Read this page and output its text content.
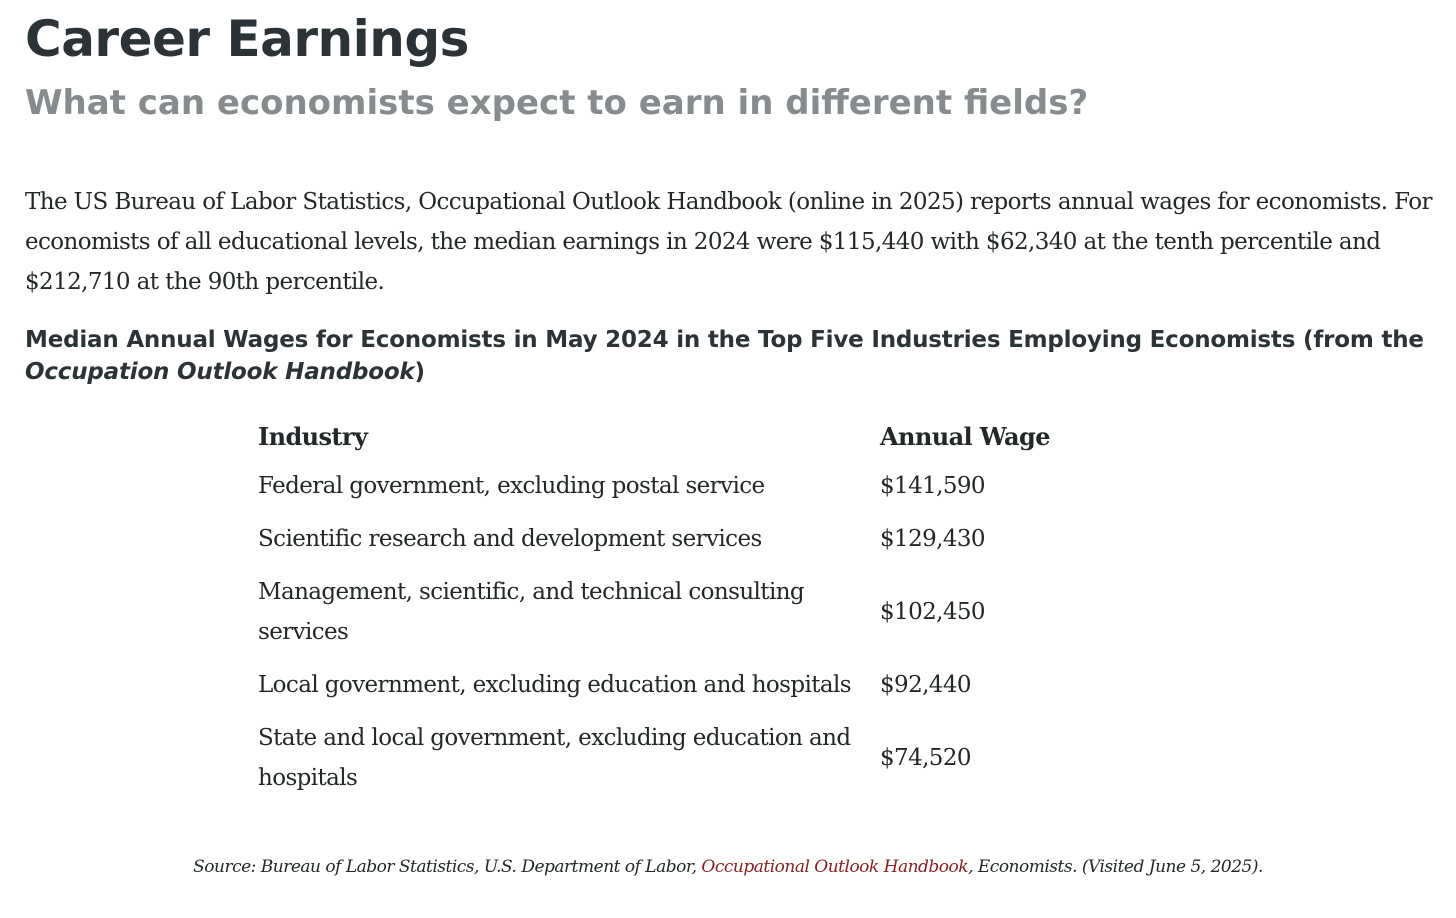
Career Earnings
What can economists expect to earn in different fields?

The US Bureau of Labor Statistics, Occupational Outlook Handbook (online in 2025) reports annual wages for economists. For economists of all educational levels, the median earnings in 2024 were $115,440 with $62,340 at the tenth percentile and $212,710 at the 90th percentile.

Median Annual Wages for Economists in May 2024 in the Top Five Industries Employing Economists (from the Occupation Outlook Handbook)

Industry	Annual Wage
Federal government, excluding postal service	$141,590
Scientific research and development services	$129,430
Management, scientific, and technical consulting services	$102,450
Local government, excluding education and hospitals	$92,440
State and local government, excluding education and hospitals	$74,520
Source: Bureau of Labor Statistics, U.S. Department of Labor, Occupational Outlook Handbook, Economists. (Visited June 5, 2025).
